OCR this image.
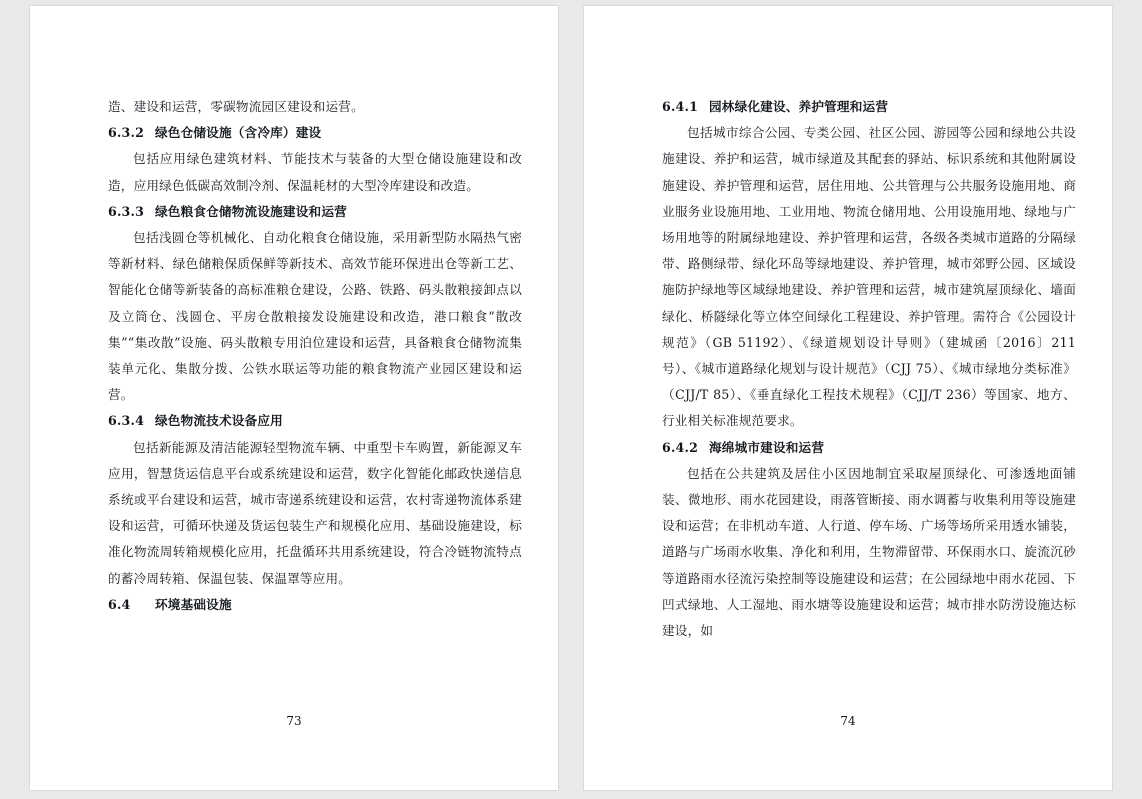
造、建设和运营，零碳物流园区建设和运营。

6.3.2 绿色仓储设施（含冷库）建设

包括应用绿色建筑材料、节能技术与装备的大型仓储设施建设和改造，应用绿色低碳高效制冷剂、保温耗材的大型冷库建设和改造。

6.3.3 绿色粮食仓储物流设施建设和运营

包括浅圆仓等机械化、自动化粮食仓储设施，采用新型防水隔热气密等新材料、绿色储粮保质保鲜等新技术、高效节能环保进出仓等新工艺、智能化仓储等新装备的高标准粮仓建设，公路、铁路、码头散粮接卸点以及立筒仓、浅圆仓、平房仓散粮接发设施建设和改造，港口粮食“散改集”“集改散”设施、码头散粮专用泊位建设和运营，具备粮食仓储物流集装单元化、集散分拨、公铁水联运等功能的粮食物流产业园区建设和运营。

6.3.4 绿色物流技术设备应用

包括新能源及清洁能源轻型物流车辆、中重型卡车购置，新能源叉车应用，智慧货运信息平台或系统建设和运营，数字化智能化邮政快递信息系统或平台建设和运营，城市寄递系统建设和运营，农村寄递物流体系建设和运营，可循环快递及货运包装生产和规模化应用、基础设施建设，标准化物流周转箱规模化应用，托盘循环共用系统建设，符合冷链物流特点的蓄冷周转箱、保温包装、保温罩等应用。

6.4 环境基础设施

73

6.4.1 园林绿化建设、养护管理和运营

包括城市综合公园、专类公园、社区公园、游园等公园和绿地公共设施建设、养护和运营，城市绿道及其配套的驿站、标识系统和其他附属设施建设、养护管理和运营，居住用地、公共管理与公共服务设施用地、商业服务业设施用地、工业用地、物流仓储用地、公用设施用地、绿地与广场用地等的附属绿地建设、养护管理和运营，各级各类城市道路的分隔绿带、路侧绿带、绿化环岛等绿地建设、养护管理，城市郊野公园、区域设施防护绿地等区域绿地建设、养护管理和运营，城市建筑屋顶绿化、墙面绿化、桥隧绿化等立体空间绿化工程建设、养护管理。需符合《公园设计规范》（GB 51192）、《绿道规划设计导则》（建城函〔2016〕211 号）、《城市道路绿化规划与设计规范》（CJJ 75）、《城市绿地分类标准》（CJJ/T 85）、《垂直绿化工程技术规程》（CJJ/T 236）等国家、地方、行业相关标准规范要求。

6.4.2 海绵城市建设和运营

包括在公共建筑及居住小区因地制宜采取屋顶绿化、可渗透地面铺装、微地形、雨水花园建设，雨落管断接、雨水调蓄与收集利用等设施建设和运营；在非机动车道、人行道、停车场、广场等场所采用透水铺装，道路与广场雨水收集、净化和利用，生物滞留带、环保雨水口、旋流沉砂等道路雨水径流污染控制等设施建设和运营；在公园绿地中雨水花园、下凹式绿地、人工湿地、雨水塘等设施建设和运营；城市排水防涝设施达标建设，如

74
